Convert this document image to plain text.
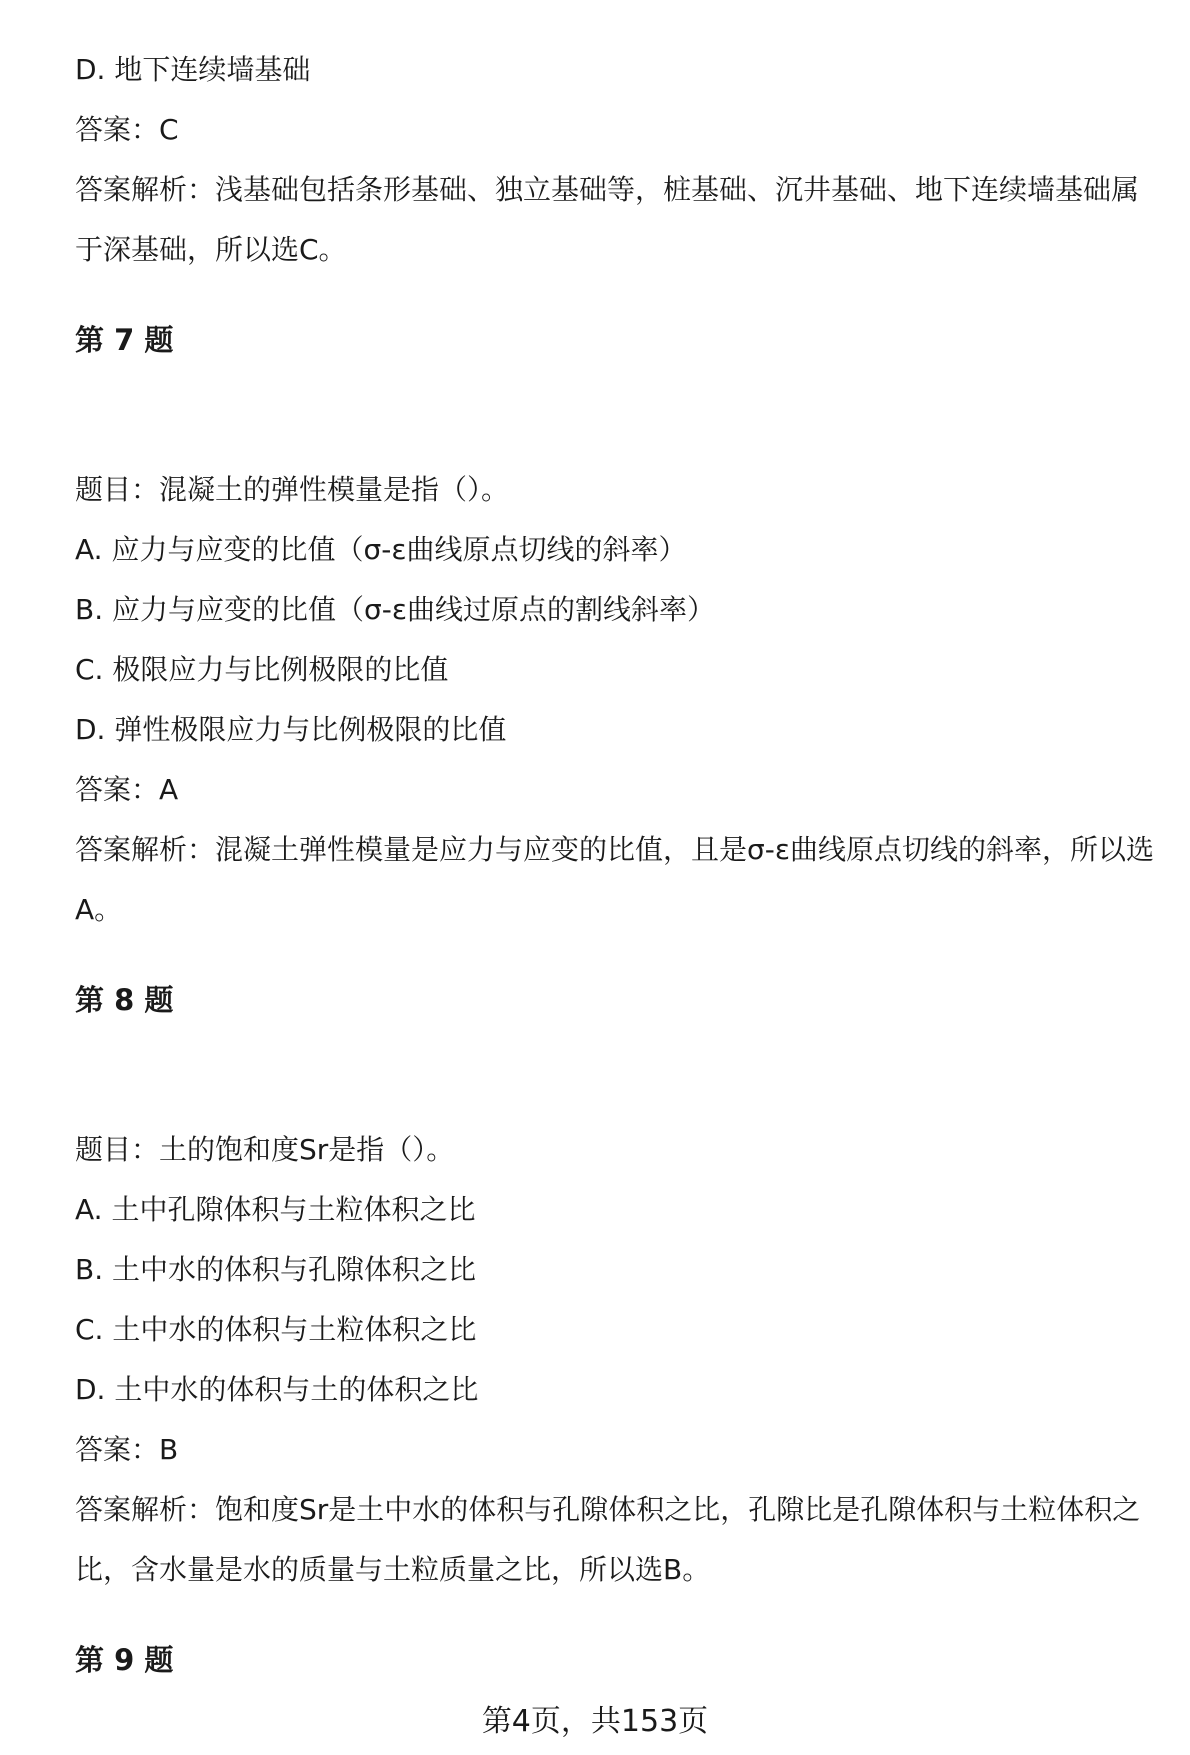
D. 地下连续墙基础
答案：C
答案解析：浅基础包括条形基础、独立基础等，桩基础、沉井基础、地下连续墙基础属于深基础，所以选C。
第 7 题
题目：混凝土的弹性模量是指（）。
A. 应力与应变的比值（σ-ε曲线原点切线的斜率）
B. 应力与应变的比值（σ-ε曲线过原点的割线斜率）
C. 极限应力与比例极限的比值
D. 弹性极限应力与比例极限的比值
答案：A
答案解析：混凝土弹性模量是应力与应变的比值，且是σ-ε曲线原点切线的斜率，所以选A。
第 8 题
题目：土的饱和度Sr是指（）。
A. 土中孔隙体积与土粒体积之比
B. 土中水的体积与孔隙体积之比
C. 土中水的体积与土粒体积之比
D. 土中水的体积与土的体积之比
答案：B
答案解析：饱和度Sr是土中水的体积与孔隙体积之比，孔隙比是孔隙体积与土粒体积之比，含水量是水的质量与土粒质量之比，所以选B。
第 9 题
第4页，共153页
